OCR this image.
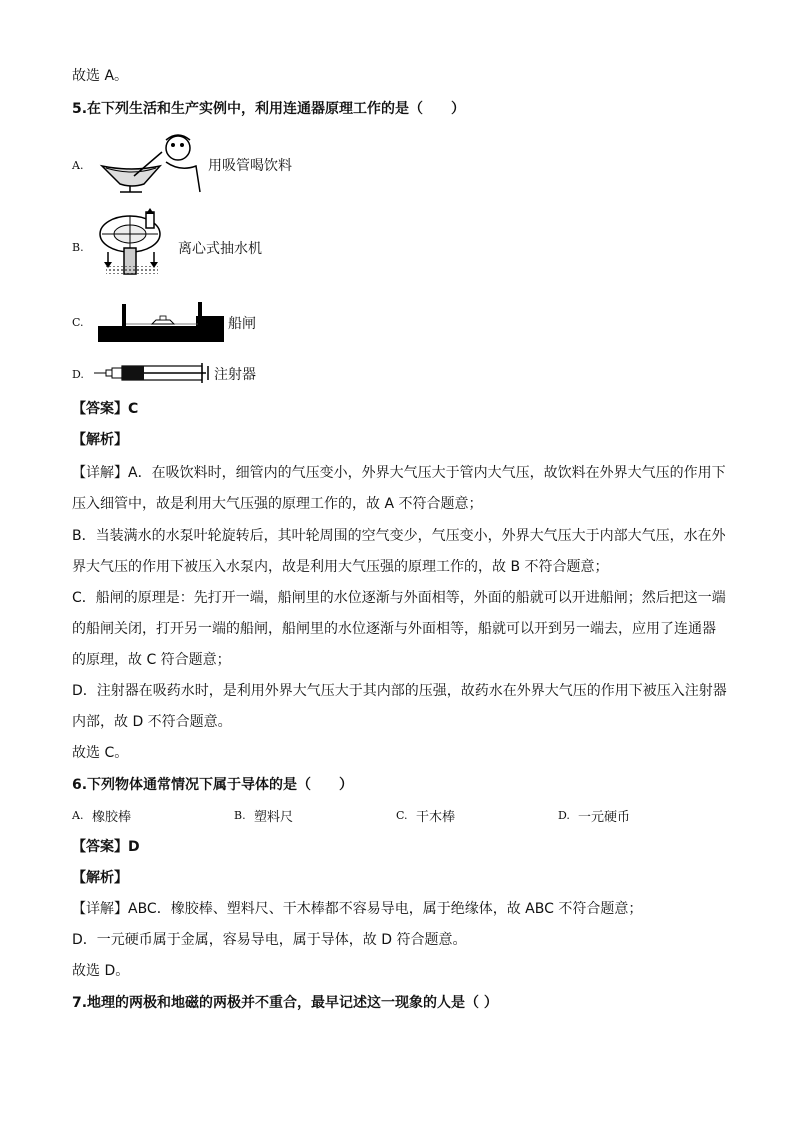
故选 A。
5.在下列生活和生产实例中，利用连通器原理工作的是（　　）
A.	用吸管喝饮料
B.	离心式抽水机
C.	船闸
D.	注射器
【答案】C
【解析】
【详解】A．在吸饮料时，细管内的气压变小，外界大气压大于管内大气压，故饮料在外界大气压的作用下
压入细管中，故是利用大气压强的原理工作的，故 A 不符合题意；
B．当装满水的水泵叶轮旋转后，其叶轮周围的空气变少，气压变小，外界大气压大于内部大气压，水在外
界大气压的作用下被压入水泵内，故是利用大气压强的原理工作的，故 B 不符合题意；
C．船闸的原理是：先打开一端，船闸里的水位逐渐与外面相等，外面的船就可以开进船闸；然后把这一端
的船闸关闭，打开另一端的船闸，船闸里的水位逐渐与外面相等，船就可以开到另一端去，应用了连通器
的原理，故 C 符合题意；
D．注射器在吸药水时，是利用外界大气压大于其内部的压强，故药水在外界大气压的作用下被压入注射器
内部，故 D 不符合题意。
故选 C。
6.下列物体通常情况下属于导体的是（　　）
A. 橡胶棒	B. 塑料尺	C. 干木棒	D. 一元硬币
【答案】D
【解析】
【详解】ABC．橡胶棒、塑料尺、干木棒都不容易导电，属于绝缘体，故 ABC 不符合题意；
D．一元硬币属于金属，容易导电，属于导体，故 D 符合题意。
故选 D。
7.地理的两极和地磁的两极并不重合，最早记述这一现象的人是（ ）
